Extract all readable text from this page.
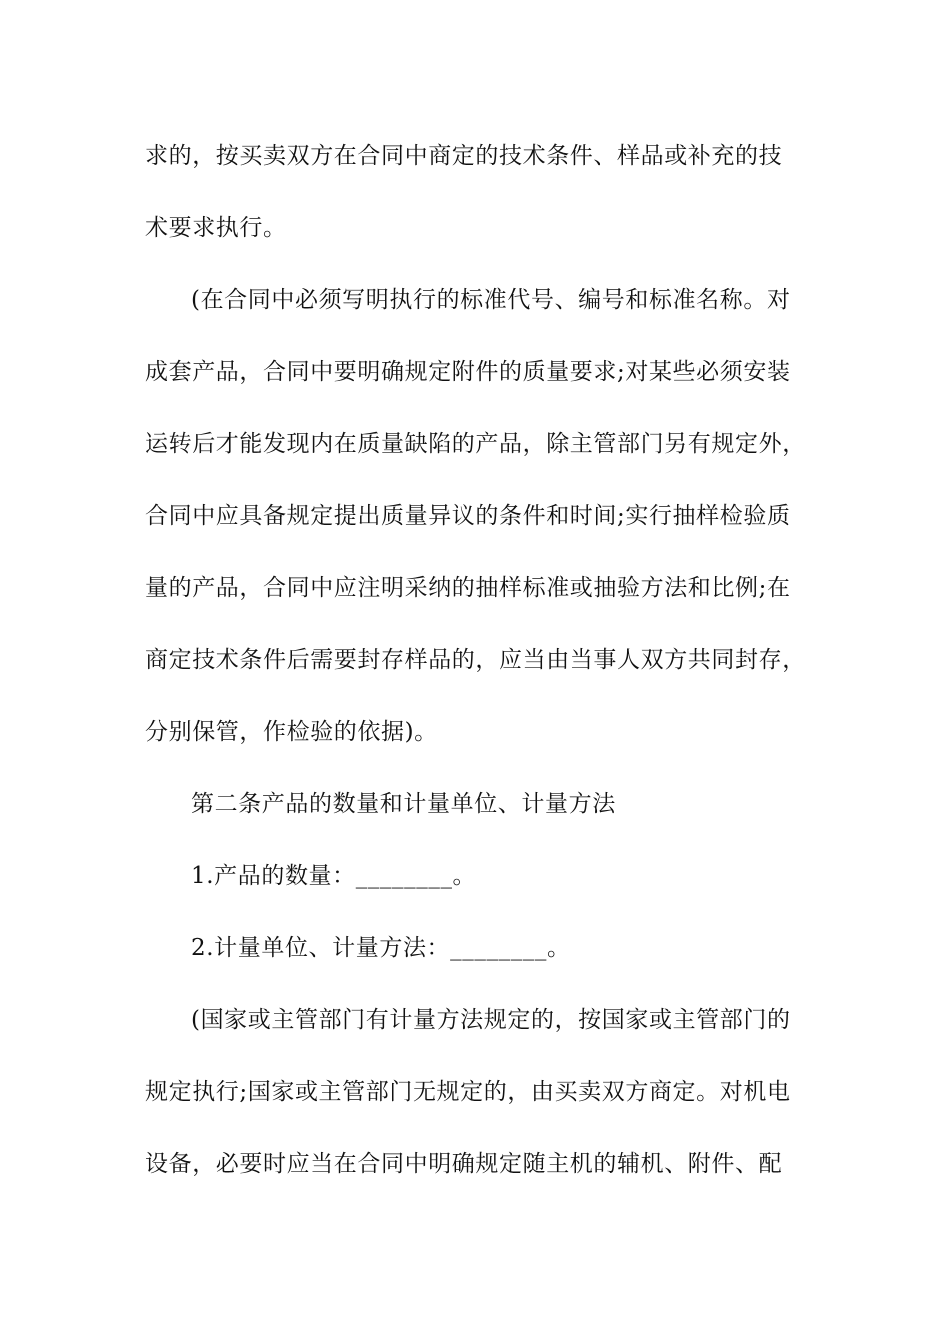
求的，按买卖双方在合同中商定的技术条件、样品或补充的技
术要求执行。
(在合同中必须写明执行的标准代号、编号和标准名称。对
成套产品，合同中要明确规定附件的质量要求;对某些必须安装
运转后才能发现内在质量缺陷的产品，除主管部门另有规定外，
合同中应具备规定提出质量异议的条件和时间;实行抽样检验质
量的产品，合同中应注明采纳的抽样标准或抽验方法和比例;在
商定技术条件后需要封存样品的，应当由当事人双方共同封存，
分别保管，作检验的依据)。
第二条产品的数量和计量单位、计量方法
1.产品的数量：________。
2.计量单位、计量方法：________。
(国家或主管部门有计量方法规定的，按国家或主管部门的
规定执行;国家或主管部门无规定的，由买卖双方商定。对机电
设备，必要时应当在合同中明确规定随主机的辅机、附件、配
